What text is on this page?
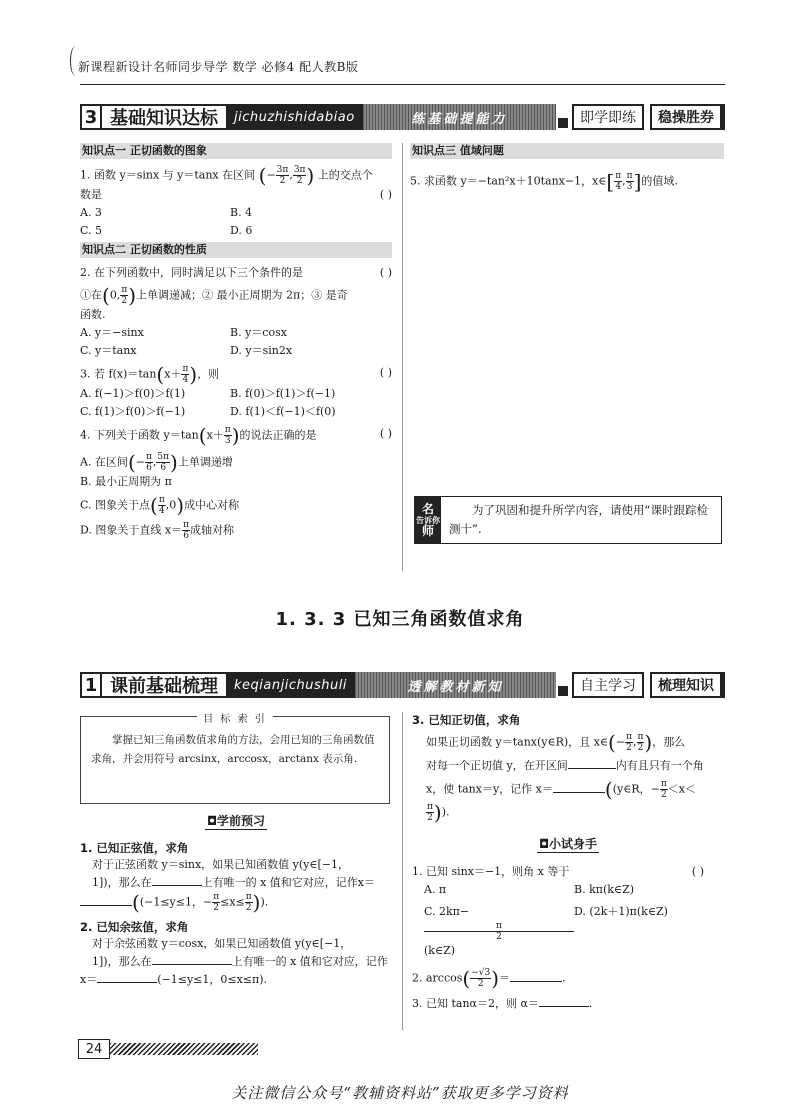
新课程新设计名师同步导学 数学 必修4 配人教B版
3 基础知识达标	jichuzhishidabiao	练基础提能力	即学即练	稳操胜券
知识点一 正切函数的图象
1. 函数 y＝sinx 与 y＝tanx 在区间 (− $\frac{3\pi}{2}$, $\frac{3\pi}{2}$) 上的交点个
数是	( )
A. 3	B. 4
C. 5	D. 6
知识点二 正切函数的性质
2. 在下列函数中，同时满足以下三个条件的是	( )
①在(0, $\frac{\pi}{2}$)上单调递减；② 最小正周期为 2π；③ 是奇
函数.
A. y＝−sinx	B. y＝cosx
C. y＝tanx	D. y＝sin2x
3. 若 $f(x)=\tan(x+ \frac{\pi}{4})$，则	( )
A. f(−1)＞f(0)＞f(1)	B. f(0)＞f(1)＞f(−1)
C. f(1)＞f(0)＞f(−1)	D. f(1)＜f(−1)＜f(0)
4. 下列关于函数 $y=\tan(x+ \frac{\pi}{3})$的说法正确的是	( )
A. 在区间(− $\frac{\pi}{6}$, $\frac{5\pi}{6}$)上单调递增
B. 最小正周期为 π
C. 图象关于点( $\frac{\pi}{4},0$)成中心对称
D. 图象关于直线 $x= \frac{\pi}{6}$成轴对称
知识点三 值域问题
5. 求函数 y＝−tan²x＋10tanx−1，x∈[ $\frac{\pi}{4}$, $\frac{\pi}{3}$]的值域.
名
告诉你
师
为了巩固和提升所学内容，请使用“课时跟踪检测十”.
1. 3. 3 已知三角函数值求角
1 课前基础梳理	keqianjichushuli	透解教材新知	自主学习	梳理知识
目 标 索 引
掌握已知三角函数值求角的方法，会用已知的三角函数值求角，并会用符号 arcsinx，arccosx，arctanx 表示角.
◘学前预习
1. 已知正弦值，求角
对于正弦函数 y＝sinx，如果已知函数值 y(y∈[−1，
1])，那么在	上有唯一的 x 值和它对应，记作x＝
((−1≤y≤1，− $\frac{\pi}{2}\le x\le \frac{\pi}{2}$)).
2. 已知余弦值，求角
对于余弦函数 y＝cosx，如果已知函数值 y(y∈[−1，
1])，那么在	上有唯一的 x 值和它对应，记作
x＝	(−1≤y≤1，0≤x≤π).
3. 已知正切值，求角
如果正切函数 y＝tanx(y∈R)，且 x∈(− $\frac{\pi}{2}$, $\frac{\pi}{2}$)，那么
对每一个正切值 y，在开区间	内有且只有一个角
x，使 tanx＝y，记作 x＝	((y∈R，− $\frac{\pi}{2}<x<$
$\frac{\pi}{2}$)).
◘小试身手
1. 已知 sinx＝−1，则角 x 等于	( )
A. π	B. kπ(k∈Z)
C. 2kπ−
$\frac{\pi}{2}(k\in Z)$
D. (2k＋1)π(k∈Z)
2. $\arccos( \frac{-√3}{2})=$	.
3. 已知 tanα＝2，则 α＝	.
24
关注微信公众号“教辅资料站”获取更多学习资料
